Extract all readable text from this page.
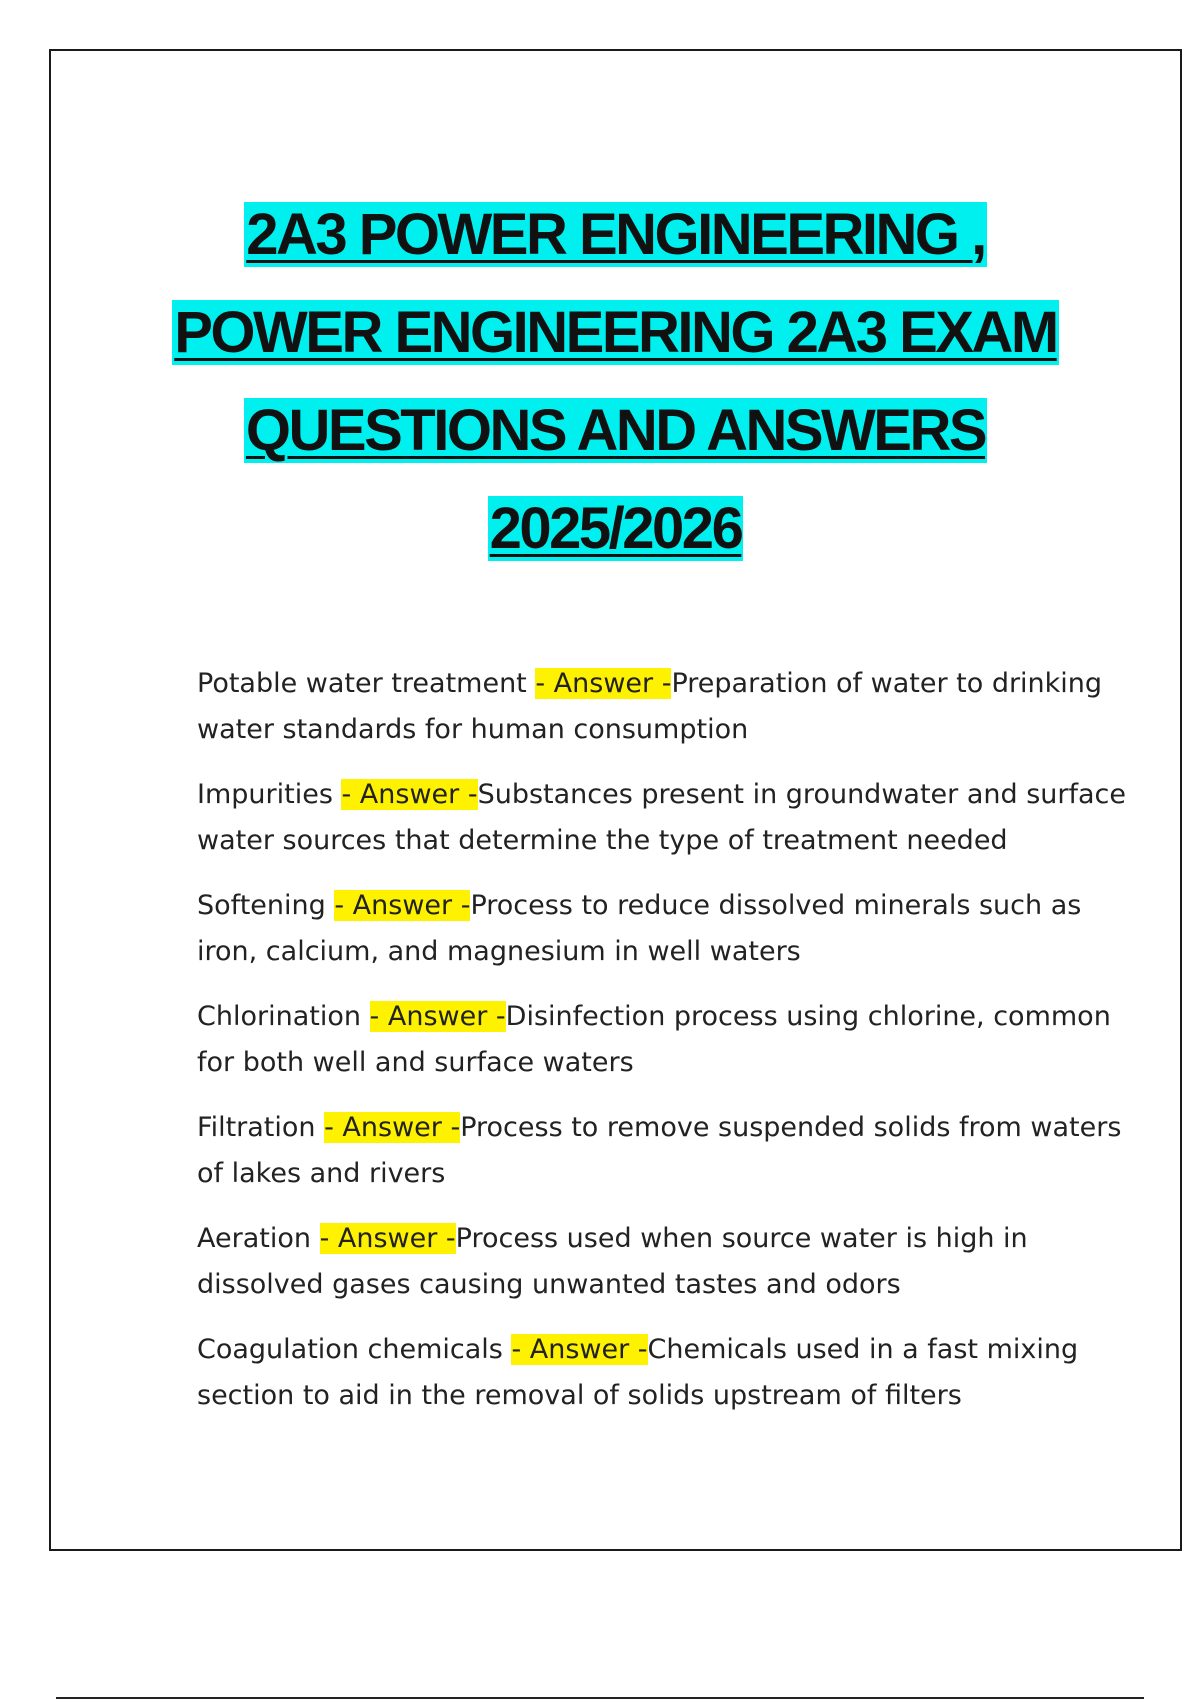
2A3 POWER ENGINEERING ,
POWER ENGINEERING 2A3 EXAM
QUESTIONS AND ANSWERS
2025/2026

Potable water treatment - Answer -Preparation of water to drinking water standards for human consumption

Impurities - Answer -Substances present in groundwater and surface water sources that determine the type of treatment needed

Softening - Answer -Process to reduce dissolved minerals such as iron, calcium, and magnesium in well waters

Chlorination - Answer -Disinfection process using chlorine, common for both well and surface waters

Filtration - Answer -Process to remove suspended solids from waters of lakes and rivers

Aeration - Answer -Process used when source water is high in dissolved gases causing unwanted tastes and odors

Coagulation chemicals - Answer -Chemicals used in a fast mixing section to aid in the removal of solids upstream of filters
